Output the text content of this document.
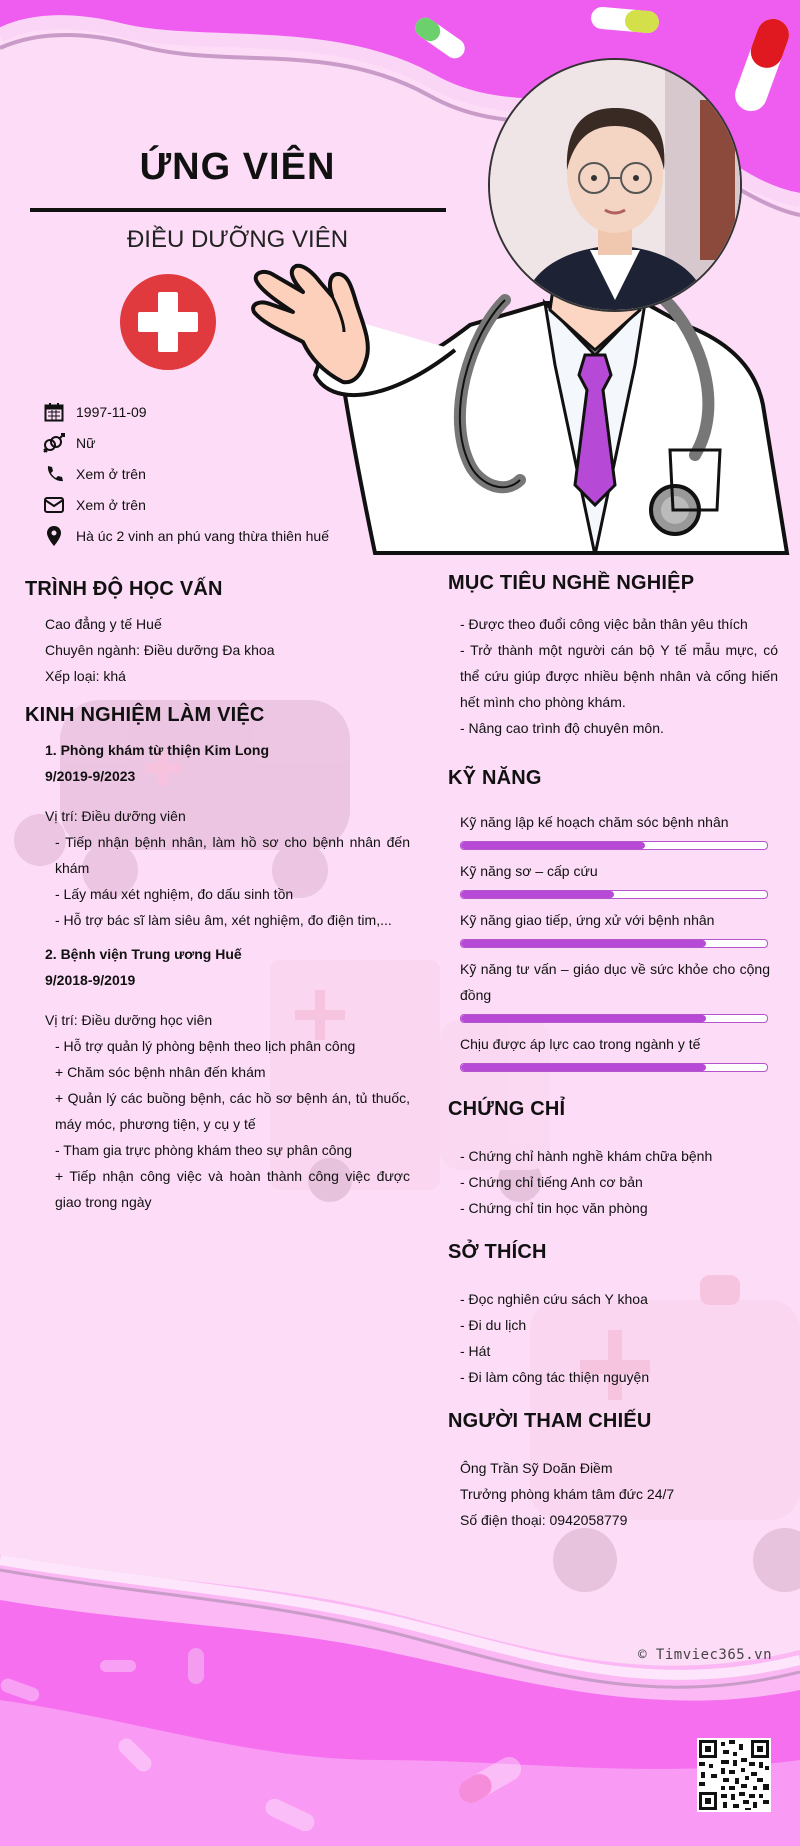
ỨNG VIÊN
ĐIỀU DƯỠNG VIÊN
1997-11-09
Nữ
Xem ở trên
Xem ở trên
Hà úc 2 vinh an phú vang thừa thiên huế
TRÌNH ĐỘ HỌC VẤN
Cao đẳng y tế Huế
Chuyên ngành: Điều dưỡng Đa khoa
Xếp loại: khá
KINH NGHIỆM LÀM VIỆC
1. Phòng khám từ thiện Kim Long
9/2019-9/2023
Vị trí: Điều dưỡng viên
- Tiếp nhận bệnh nhân, làm hồ sơ cho bệnh nhân đến khám
- Lấy máu xét nghiệm, đo dấu sinh tồn
- Hỗ trợ bác sĩ làm siêu âm, xét nghiệm, đo điện tim,...
2. Bệnh viện Trung ương Huế
9/2018-9/2019
Vị trí: Điều dưỡng học viên
- Hỗ trợ quản lý phòng bệnh theo lịch phân công
+ Chăm sóc bệnh nhân đến khám
+ Quản lý các buồng bệnh, các hồ sơ bệnh án, tủ thuốc, máy móc, phương tiện, y cụ y tế
- Tham gia trực phòng khám theo sự phân công
+ Tiếp nhận công việc và hoàn thành công việc được giao trong ngày
MỤC TIÊU NGHỀ NGHIỆP
- Được theo đuổi công việc bản thân yêu thích
- Trở thành một người cán bộ Y tế mẫu mực, có thể cứu giúp được nhiều bệnh nhân và cống hiến hết mình cho phòng khám.
- Nâng cao trình độ chuyên môn.
KỸ NĂNG
Kỹ năng lập kế hoạch chăm sóc bệnh nhân
Kỹ năng sơ – cấp cứu
Kỹ năng giao tiếp, ứng xử với bệnh nhân
Kỹ năng tư vấn – giáo dục về sức khỏe cho cộng đồng
Chịu được áp lực cao trong ngành y tế
CHỨNG CHỈ
- Chứng chỉ hành nghề khám chữa bệnh
- Chứng chỉ tiếng Anh cơ bản
- Chứng chỉ tin học văn phòng
SỞ THÍCH
- Đọc nghiên cứu sách Y khoa
- Đi du lịch
- Hát
- Đi làm công tác thiện nguyện
NGƯỜI THAM CHIẾU
Ông Trần Sỹ Doãn Điềm
Trưởng phòng khám tâm đức 24/7
Số điện thoại: 0942058779
© Timviec365.vn
